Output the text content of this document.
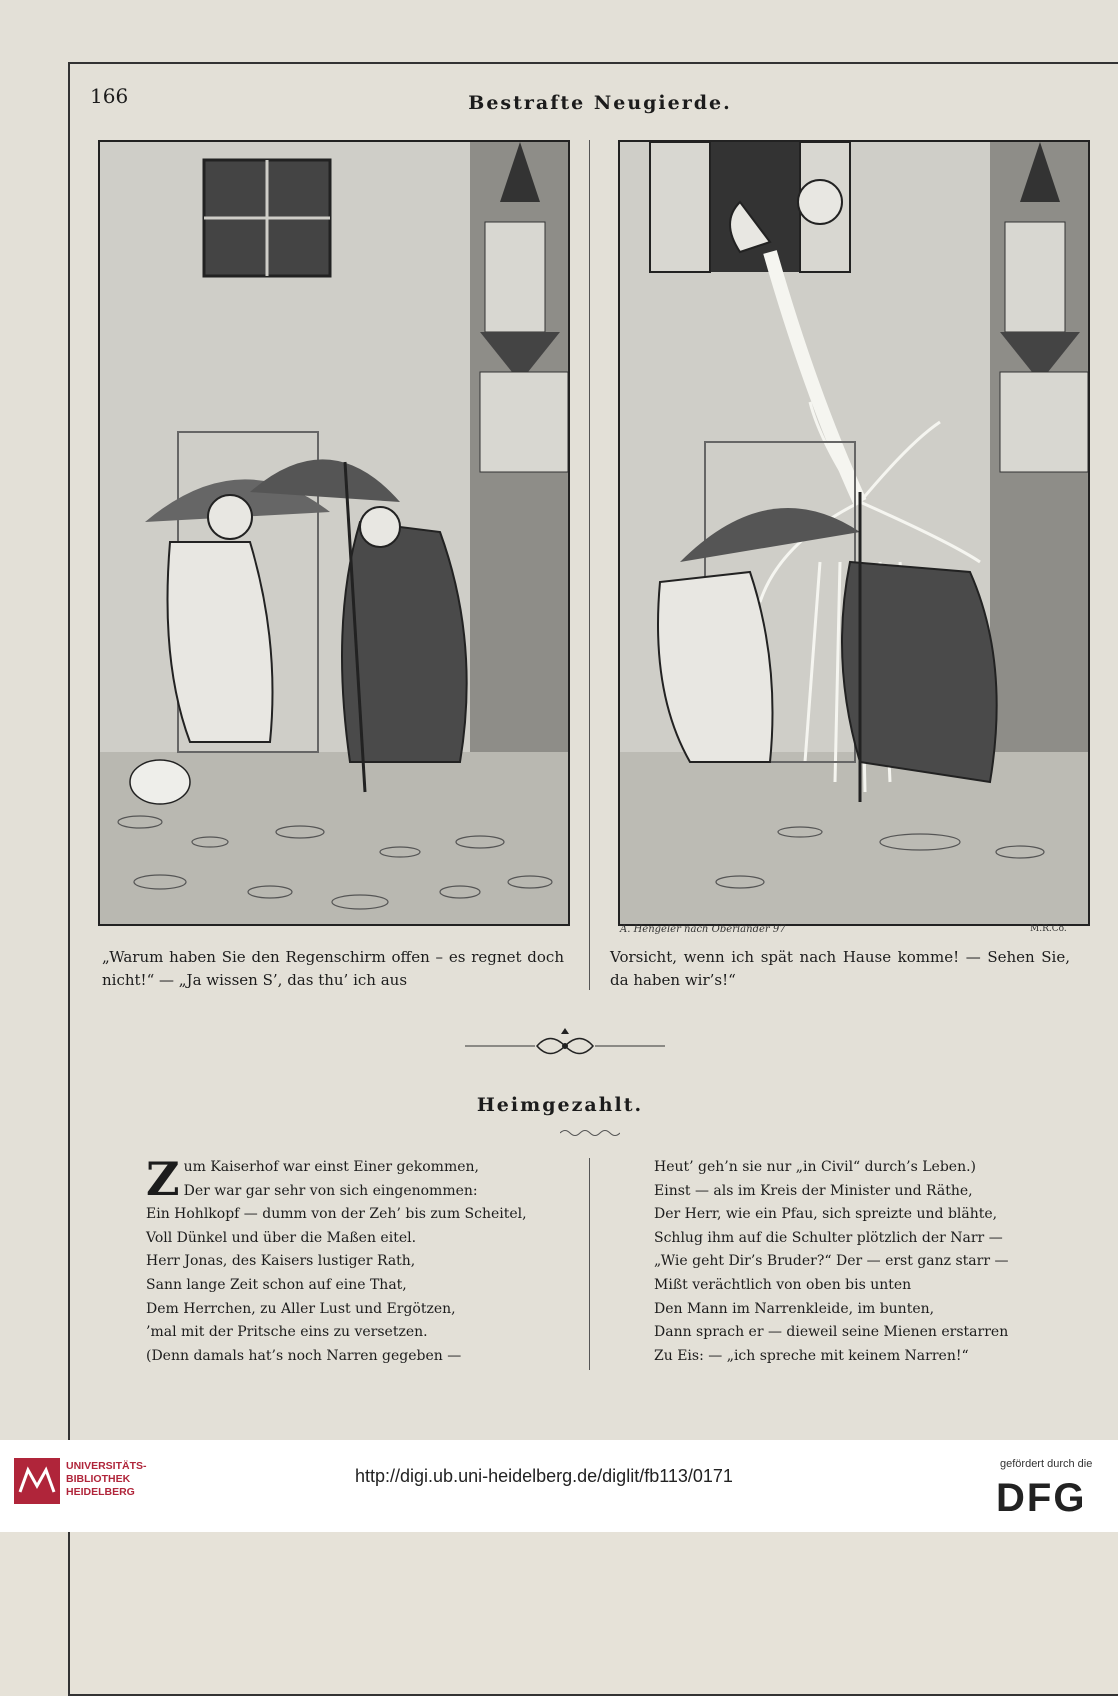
166	Bestrafte Neugierde.
A. Hengeler nach Oberländer 97	M.R.Co.
„Warum haben Sie den Regenschirm offen – es regnet doch nicht!“ — „Ja wissen S’, das thu’ ich aus
Vorsicht, wenn ich spät nach Hause komme! — Sehen Sie, da haben wir’s!“
Heimgezahlt.
Z um Kaiserhof war einst Einer gekommen,
Der war gar sehr von sich eingenommen:
Ein Hohlkopf — dumm von der Zeh’ bis zum Scheitel,
Voll Dünkel und über die Maßen eitel.
Herr Jonas, des Kaisers lustiger Rath,
Sann lange Zeit schon auf eine That,
Dem Herrchen, zu Aller Lust und Ergötzen,
’mal mit der Pritsche eins zu versetzen.
(Denn damals hat’s noch Narren gegeben —
Heut’ geh’n sie nur „in Civil“ durch’s Leben.)
Einst — als im Kreis der Minister und Räthe,
Der Herr, wie ein Pfau, sich spreizte und blähte,
Schlug ihm auf die Schulter plötzlich der Narr —
„Wie geht Dir’s Bruder?“ Der — erst ganz starr —
Mißt verächtlich von oben bis unten
Den Mann im Narrenkleide, im bunten,
Dann sprach er — dieweil seine Mienen erstarren
Zu Eis: — „ich spreche mit keinem Narren!“
UNIVERSITÄTS-
BIBLIOTHEK
HEIDELBERG
http://digi.ub.uni-heidelberg.de/diglit/fb113/0171
gefördert durch die
DFG
